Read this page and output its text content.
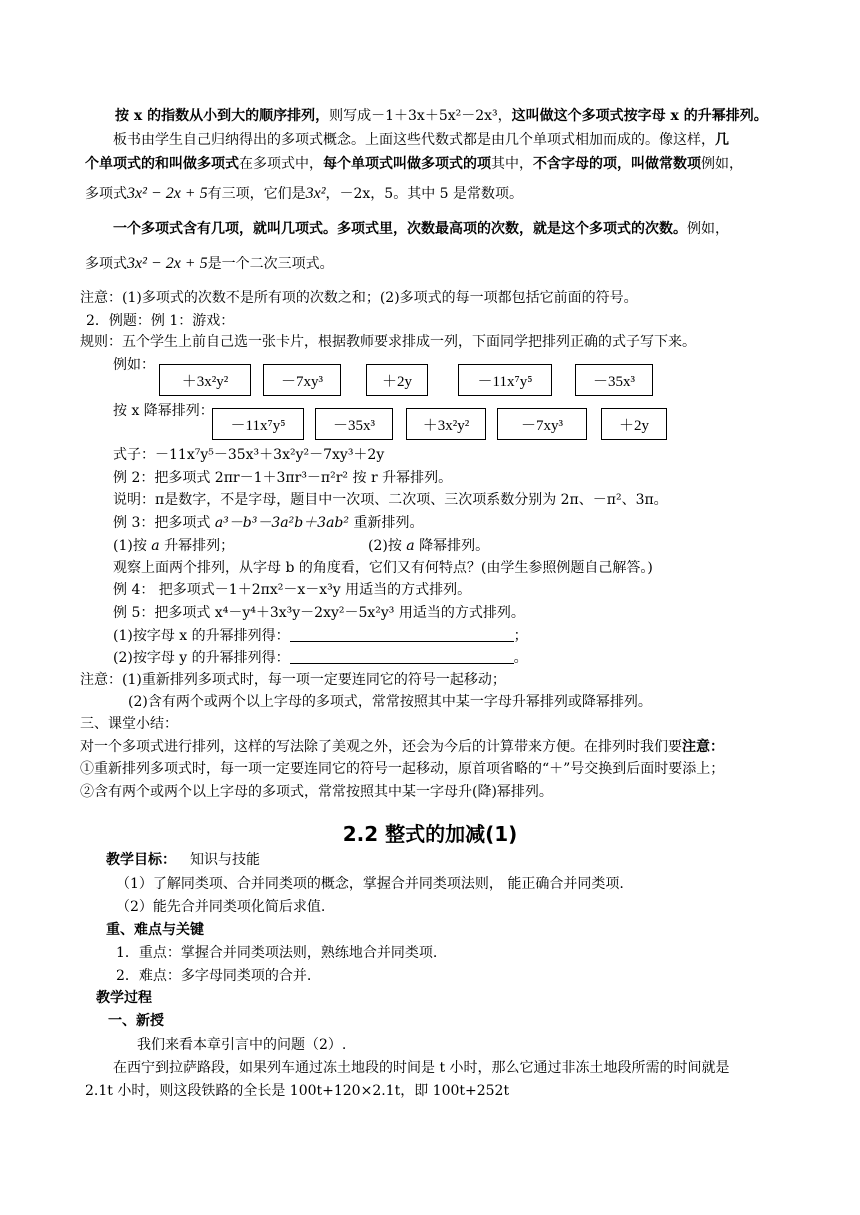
按 x 的指数从小到大的顺序排列，则写成－1＋3x＋5x²－2x³，这叫做这个多项式按字母 x 的升幂排列。
板书由学生自己归纳得出的多项式概念。上面这些代数式都是由几个单项式相加而成的。像这样，几
个单项式的和叫做多项式在多项式中，每个单项式叫做多项式的项其中，不含字母的项，叫做常数项例如，
多项式3x² − 2x + 5有三项，它们是3x²，－2x，5。其中 5 是常数项。
一个多项式含有几项，就叫几项式。多项式里，次数最高项的次数，就是这个多项式的次数。例如，
多项式3x² − 2x + 5是一个二次三项式。
注意：(1)多项式的次数不是所有项的次数之和；(2)多项式的每一项都包括它前面的符号。
2．例题：例 1：游戏：
规则：五个学生上前自己选一张卡片，根据教师要求排成一列，下面同学把排列正确的式子写下来。
例如：
＋3x²y²	－7xy³	＋2y	－11x⁷y⁵	－35x³
按 x 降幂排列：
－11x⁷y⁵	－35x³	＋3x²y²	－7xy³	＋2y
式子：－11x⁷y⁵－35x³＋3x²y²－7xy³＋2y
例 2：把多项式 2πr－1＋3πr³－π²r² 按 r 升幂排列。
说明：π是数字，不是字母，题目中一次项、二次项、三次项系数分别为 2π、－π²、3π。
例 3：把多项式 a³－b³－3a²b＋3ab² 重新排列。
(1)按 a 升幂排列；	(2)按 a 降幂排列。
观察上面两个排列，从字母 b 的角度看，它们又有何特点？(由学生参照例题自己解答。)
例 4： 把多项式－1＋2πx²－x－x³y 用适当的方式排列。
例 5：把多项式 x⁴－y⁴＋3x³y－2xy²－5x²y³ 用适当的方式排列。
(1)按字母 x 的升幂排列得：	；
(2)按字母 y 的升幂排列得：	。
注意：(1)重新排列多项式时，每一项一定要连同它的符号一起移动；
(2)含有两个或两个以上字母的多项式，常常按照其中某一字母升幂排列或降幂排列。
三、课堂小结：
对一个多项式进行排列，这样的写法除了美观之外，还会为今后的计算带来方便。在排列时我们要注意：
①重新排列多项式时，每一项一定要连同它的符号一起移动，原首项省略的“＋”号交换到后面时要添上；
②含有两个或两个以上字母的多项式，常常按照其中某一字母升(降)幂排列。
2.2 整式的加减(1)
教学目标： 知识与技能
（1）了解同类项、合并同类项的概念，掌握合并同类项法则， 能正确合并同类项.
（2）能先合并同类项化简后求值.
重、难点与关键
1．重点：掌握合并同类项法则，熟练地合并同类项.
2．难点：多字母同类项的合并.
教学过程
一、新授
我们来看本章引言中的问题（2）.
在西宁到拉萨路段，如果列车通过冻土地段的时间是 t 小时，那么它通过非冻土地段所需的时间就是
2.1t 小时，则这段铁路的全长是 100t+120×2.1t，即 100t+252t
